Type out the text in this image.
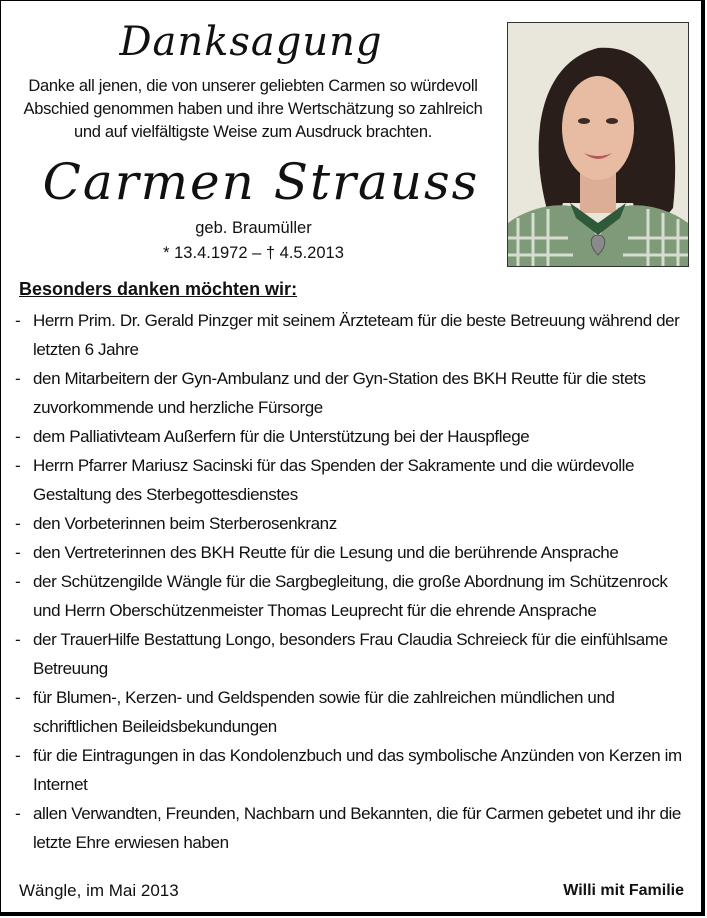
Danksagung
Danke all jenen, die von unserer geliebten Carmen so würdevoll Abschied genommen haben und ihre Wertschätzung so zahlreich und auf vielfältigste Weise zum Ausdruck brachten.
Carmen Strauss
geb. Braumüller
* 13.4.1972 – † 4.5.2013
Besonders danken möchten wir:
- Herrn Prim. Dr. Gerald Pinzger mit seinem Ärzteteam für die beste Betreuung während der letzten 6 Jahre
- den Mitarbeitern der Gyn-Ambulanz und der Gyn-Station des BKH Reutte für die stets zuvorkommende und herzliche Fürsorge
- dem Palliativteam Außerfern für die Unterstützung bei der Hauspflege
- Herrn Pfarrer Mariusz Sacinski für das Spenden der Sakramente und die würdevolle Gestaltung des Sterbegottesdienstes
- den Vorbeterinnen beim Sterberosenkranz
- den Vertreterinnen des BKH Reutte für die Lesung und die berührende Ansprache
- der Schützengilde Wängle für die Sargbegleitung, die große Abordnung im Schützenrock und Herrn Oberschützenmeister Thomas Leuprecht für die ehrende Ansprache
- der TrauerHilfe Bestattung Longo, besonders Frau Claudia Schreieck für die einfühlsame Betreuung
- für Blumen-, Kerzen- und Geldspenden sowie für die zahlreichen mündlichen und schriftlichen Beileidsbekundungen
- für die Eintragungen in das Kondolenzbuch und das symbolische Anzünden von Kerzen im Internet
- allen Verwandten, Freunden, Nachbarn und Bekannten, die für Carmen gebetet und ihr die letzte Ehre erwiesen haben
Wängle, im Mai 2013	Willi mit Familie
